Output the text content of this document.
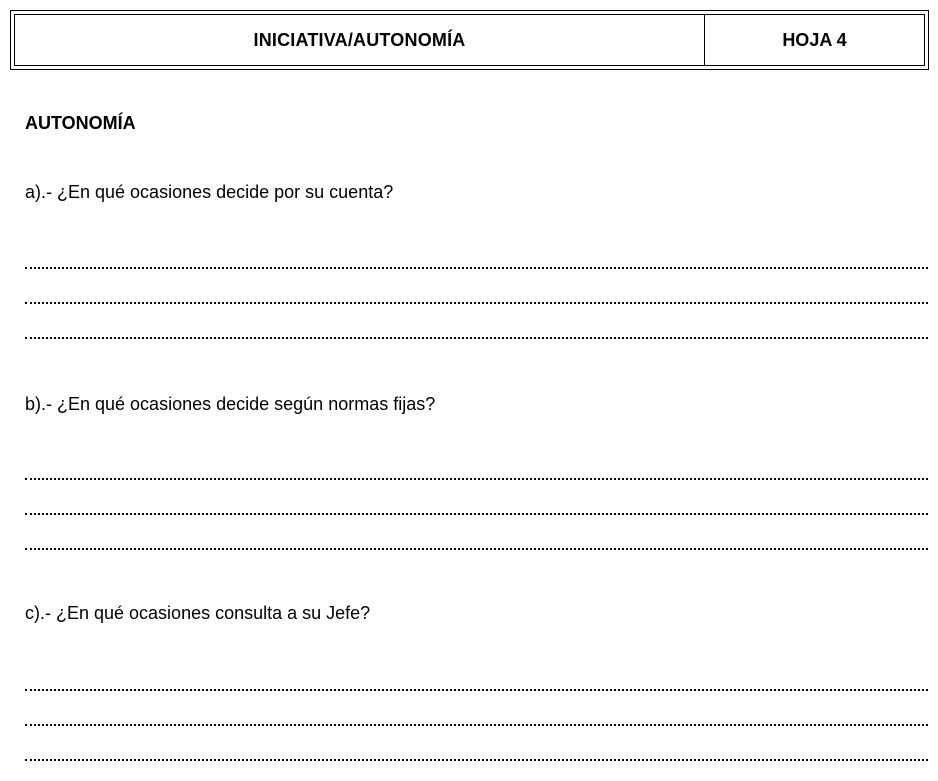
INICIATIVA/AUTONOMÍA	HOJA 4
AUTONOMÍA
a).- ¿En qué ocasiones decide por su cuenta?
b).- ¿En qué ocasiones decide según normas fijas?
c).- ¿En qué ocasiones consulta a su Jefe?
